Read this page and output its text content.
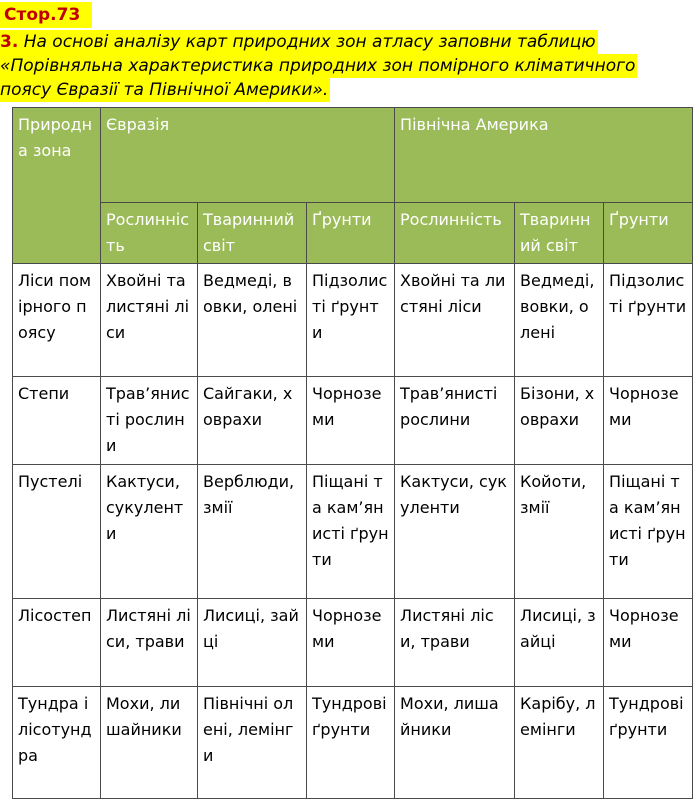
Стор.73
3. На основі аналізу карт природних зон атласу заповни таблицю
«Порівняльна характеристика природних зон помірного кліматичного
поясу Євразії та Північної Америки».
Природна зона	Євразія			Північна Америка		
	Рослинність	Тваринний світ	Ґрунти	Рослинність	Тваринний світ	Ґрунти
Ліси помірного поясу	Хвойні та листяні ліси	Ведмеді, вовки, олені	Підзолисті ґрунти	Хвойні та листяні ліси	Ведмеді, вовки, олені	Підзолисті ґрунти
Степи	Трав’янисті рослини	Сайгаки, ховрахи	Чорноземи	Трав’янисті рослини	Бізони, ховрахи	Чорноземи
Пустелі	Кактуси, сукуленти	Верблюди, змії	Піщані та кам’янисті ґрунти	Кактуси, сукуленти	Койоти, змії	Піщані та кам’янисті ґрунти
Лісостеп	Листяні ліси, трави	Лисиці, зайці	Чорноземи	Листяні ліси, трави	Лисиці, зайці	Чорноземи
Тундра і лісотундра	Мохи, лишайники	Північні олені, лемінги	Тундрові ґрунти	Мохи, лишайники	Карібу, лемінги	Тундрові ґрунти
